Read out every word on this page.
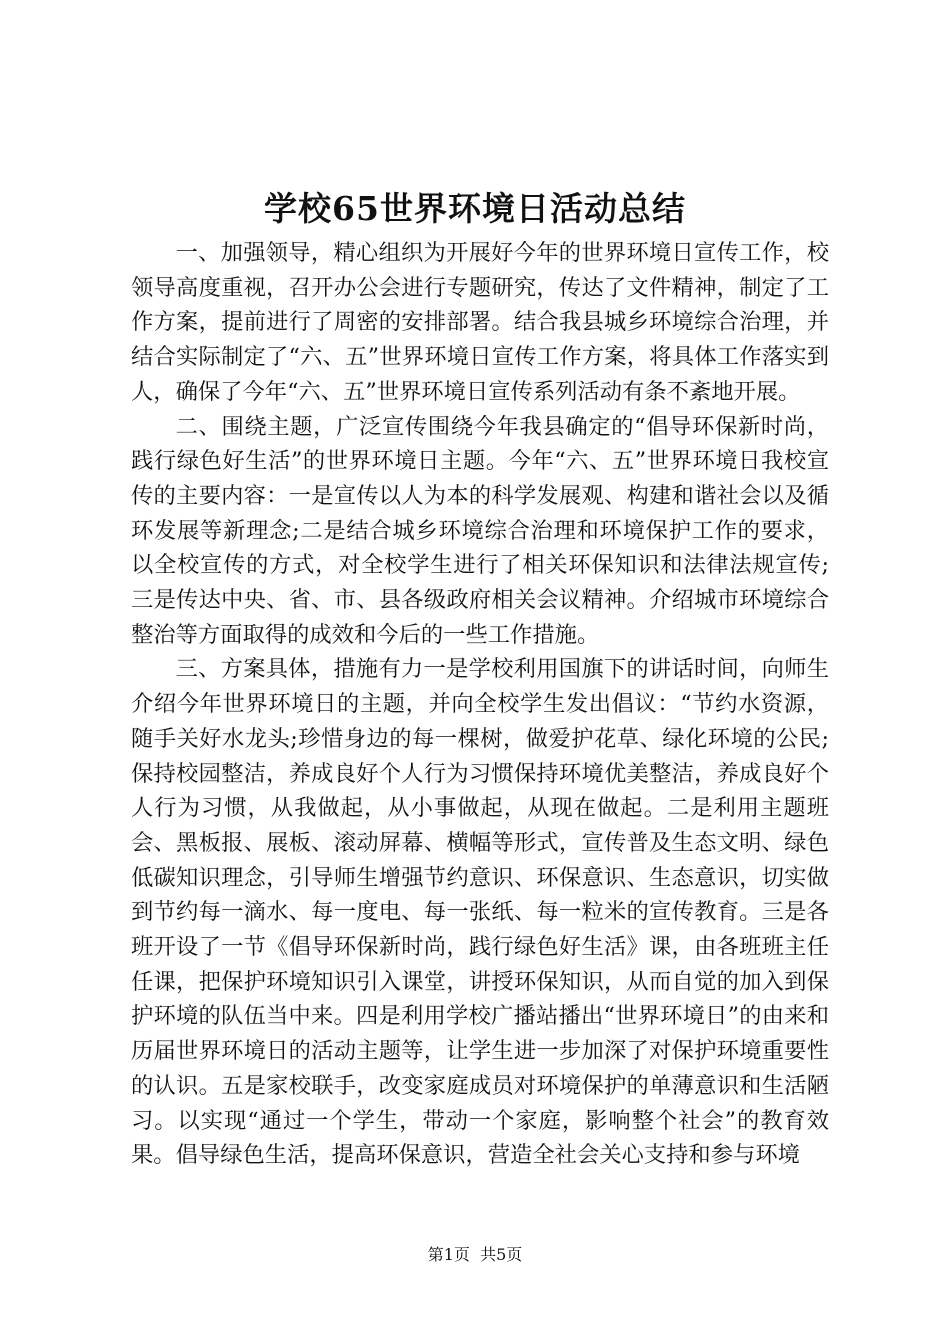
学校65世界环境日活动总结

一、加强领导，精心组织为开展好今年的世界环境日宣传工作，校领导高度重视，召开办公会进行专题研究，传达了文件精神，制定了工作方案，提前进行了周密的安排部署。结合我县城乡环境综合治理，并结合实际制定了“六、五”世界环境日宣传工作方案，将具体工作落实到人，确保了今年“六、五”世界环境日宣传系列活动有条不紊地开展。

二、围绕主题，广泛宣传围绕今年我县确定的“倡导环保新时尚，践行绿色好生活”的世界环境日主题。今年“六、五”世界环境日我校宣传的主要内容：一是宣传以人为本的科学发展观、构建和谐社会以及循环发展等新理念;二是结合城乡环境综合治理和环境保护工作的要求，以全校宣传的方式，对全校学生进行了相关环保知识和法律法规宣传;三是传达中央、省、市、县各级政府相关会议精神。介绍城市环境综合整治等方面取得的成效和今后的一些工作措施。

三、方案具体，措施有力一是学校利用国旗下的讲话时间，向师生介绍今年世界环境日的主题，并向全校学生发出倡议：“节约水资源，随手关好水龙头;珍惜身边的每一棵树，做爱护花草、绿化环境的公民;保持校园整洁，养成良好个人行为习惯保持环境优美整洁，养成良好个人行为习惯，从我做起，从小事做起，从现在做起。二是利用主题班会、黑板报、展板、滚动屏幕、横幅等形式，宣传普及生态文明、绿色低碳知识理念，引导师生增强节约意识、环保意识、生态意识，切实做到节约每一滴水、每一度电、每一张纸、每一粒米的宣传教育。三是各班开设了一节《倡导环保新时尚，践行绿色好生活》课，由各班班主任任课，把保护环境知识引入课堂，讲授环保知识，从而自觉的加入到保护环境的队伍当中来。四是利用学校广播站播出“世界环境日”的由来和历届世界环境日的活动主题等，让学生进一步加深了对保护环境重要性的认识。五是家校联手，改变家庭成员对环境保护的单薄意识和生活陋习。以实现“通过一个学生，带动一个家庭，影响整个社会”的教育效果。倡导绿色生活，提高环保意识，营造全社会关心支持和参与环境

第1页 共5页
